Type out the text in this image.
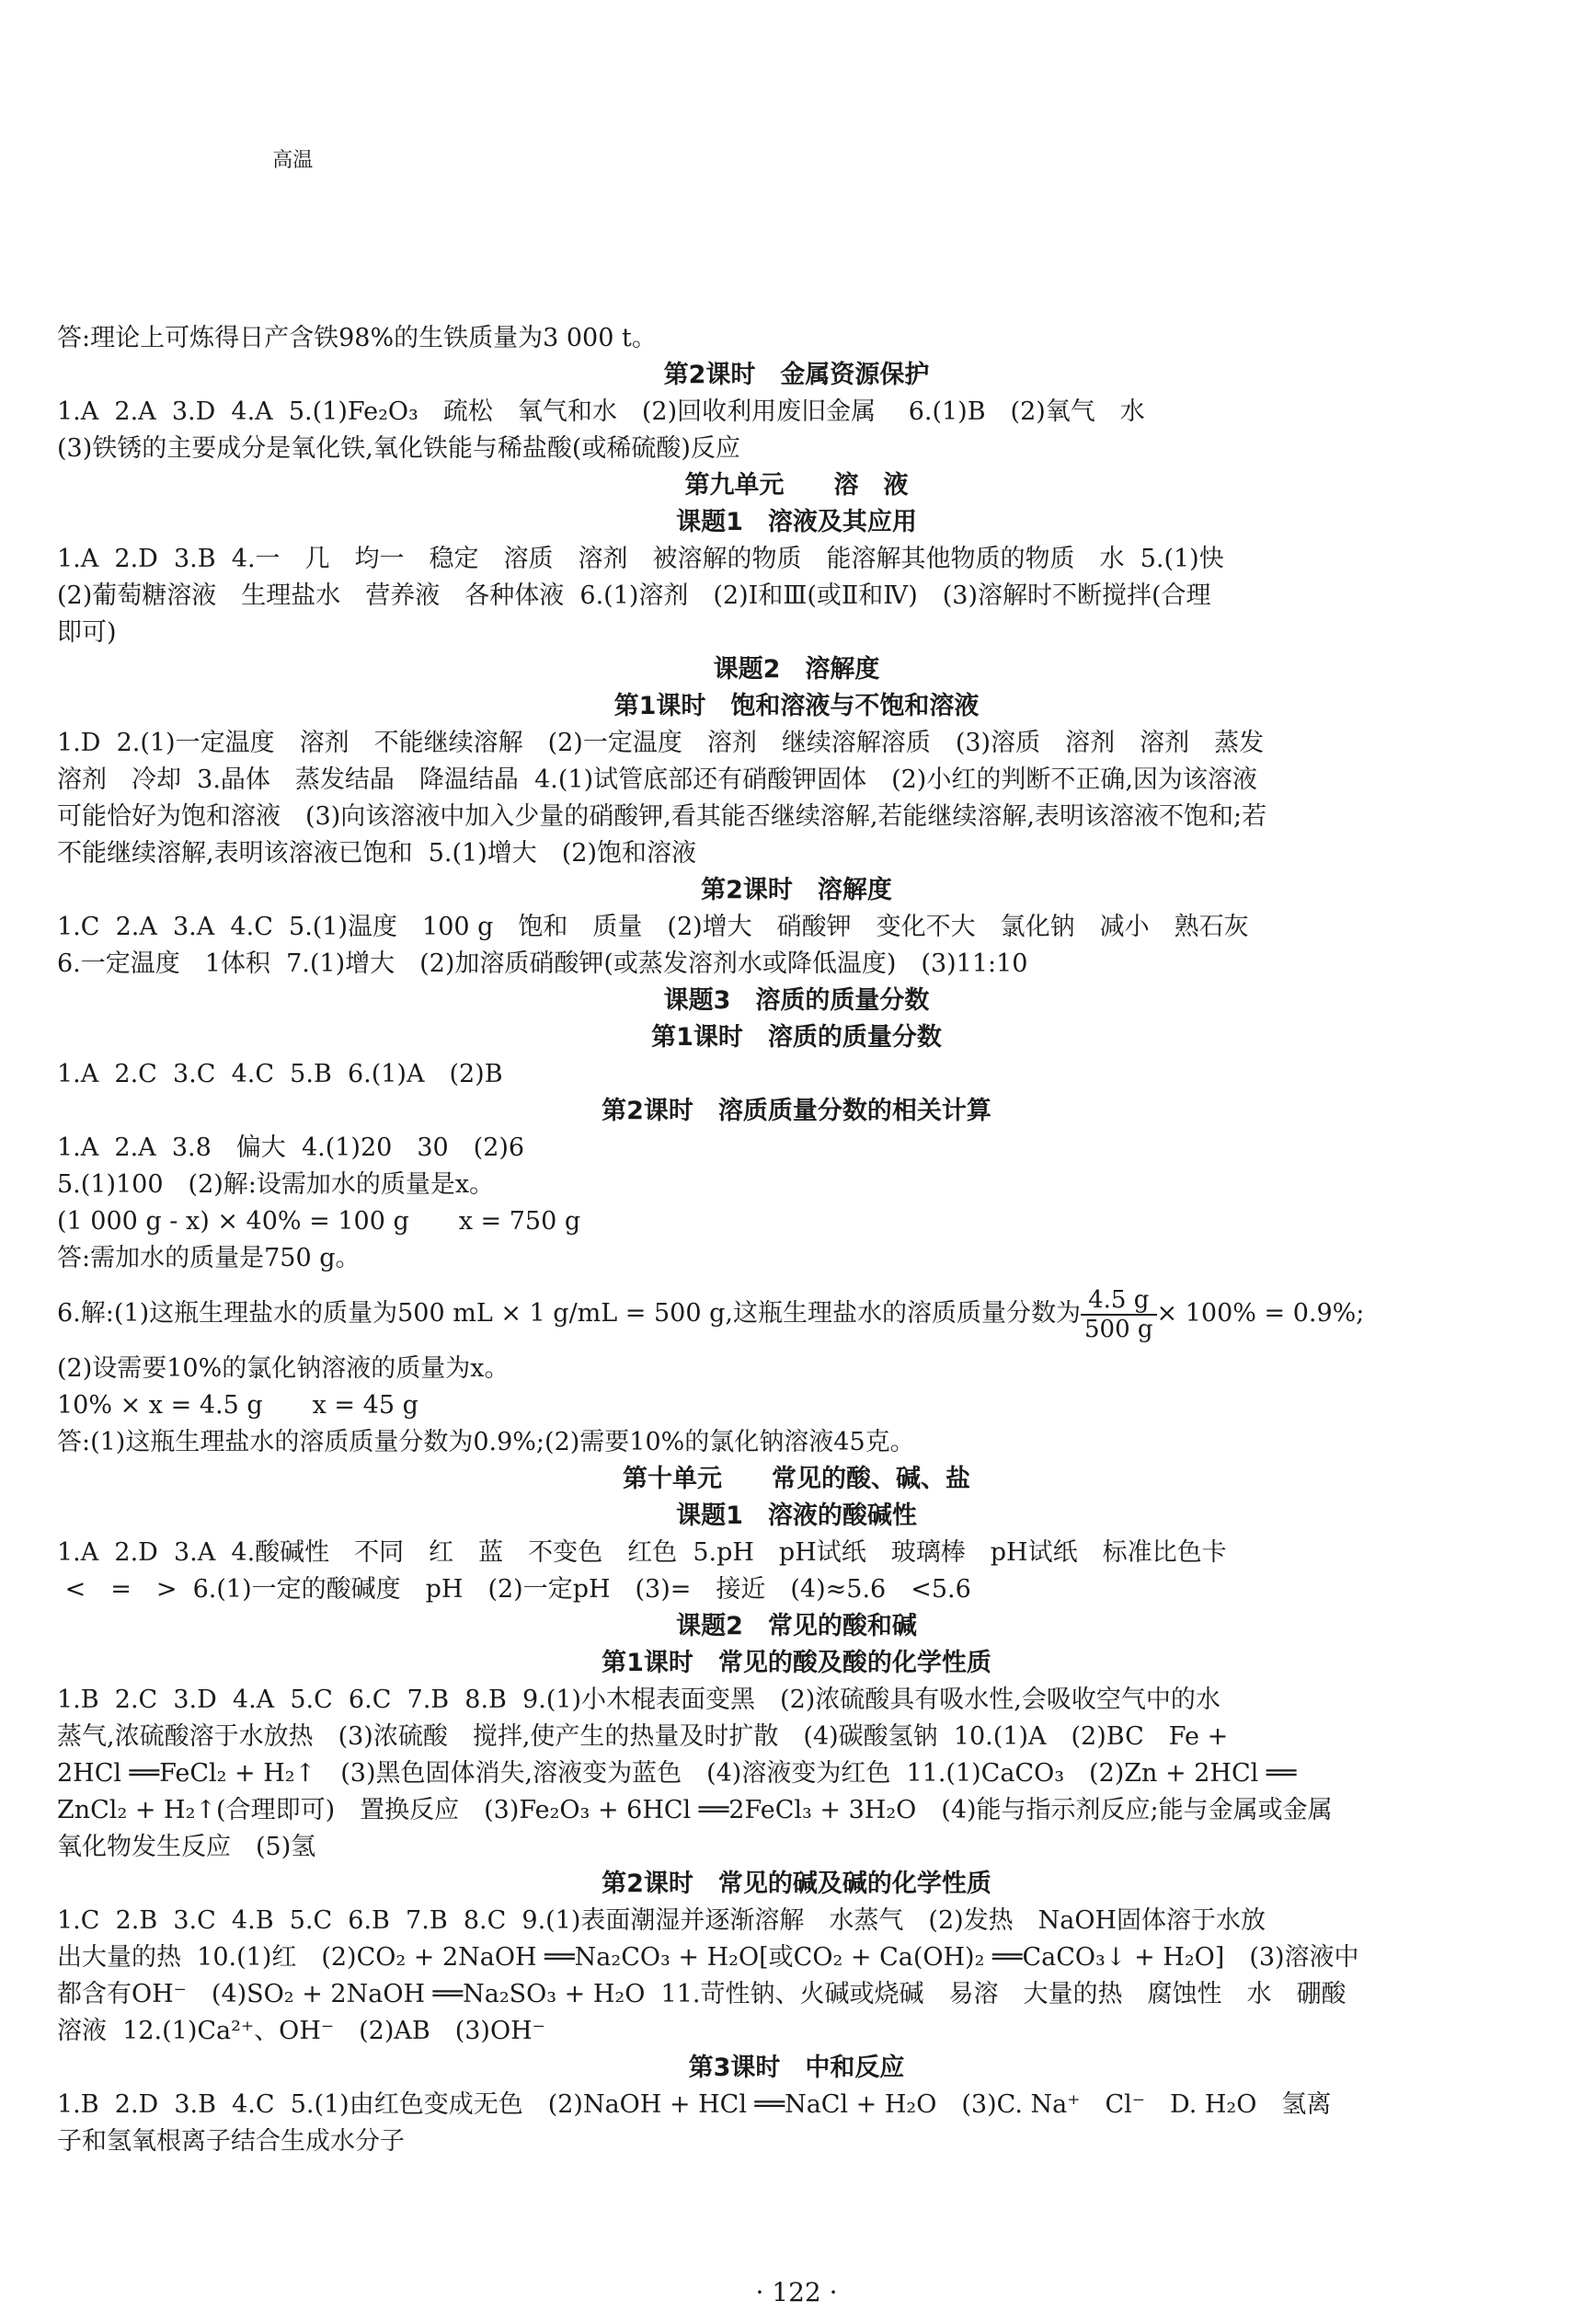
高温

答:理论上可炼得日产含铁98%的生铁质量为3 000 t。
第2课时　金属资源保护
1.A  2.A  3.D  4.A  5.(1)Fe₂O₃　疏松　氧气和水　(2)回收利用废旧金属　 6.(1)B　(2)氧气　水
(3)铁锈的主要成分是氧化铁,氧化铁能与稀盐酸(或稀硫酸)反应
第九单元　　溶　液
课题1　溶液及其应用
1.A  2.D  3.B  4.一　几　均一　稳定　溶质　溶剂　被溶解的物质　能溶解其他物质的物质　水  5.(1)快
(2)葡萄糖溶液　生理盐水　营养液　各种体液  6.(1)溶剂　(2)Ⅰ和Ⅲ(或Ⅱ和Ⅳ)　(3)溶解时不断搅拌(合理
即可)
课题2　溶解度
第1课时　饱和溶液与不饱和溶液
1.D  2.(1)一定温度　溶剂　不能继续溶解　(2)一定温度　溶剂　继续溶解溶质　(3)溶质　溶剂　溶剂　蒸发
溶剂　冷却  3.晶体　蒸发结晶　降温结晶  4.(1)试管底部还有硝酸钾固体　(2)小红的判断不正确,因为该溶液
可能恰好为饱和溶液　(3)向该溶液中加入少量的硝酸钾,看其能否继续溶解,若能继续溶解,表明该溶液不饱和;若
不能继续溶解,表明该溶液已饱和  5.(1)增大　(2)饱和溶液
第2课时　溶解度
1.C  2.A  3.A  4.C  5.(1)温度　100 g　饱和　质量　(2)增大　硝酸钾　变化不大　氯化钠　减小　熟石灰
6.一定温度　1体积  7.(1)增大　(2)加溶质硝酸钾(或蒸发溶剂水或降低温度)　(3)11:10
课题3　溶质的质量分数
第1课时　溶质的质量分数
1.A  2.C  3.C  4.C  5.B  6.(1)A　(2)B
第2课时　溶质质量分数的相关计算
1.A  2.A  3.8　偏大  4.(1)20　30　(2)6
5.(1)100　(2)解:设需加水的质量是x。
(1 000 g - x) × 40% = 100 g　　x = 750 g
答:需加水的质量是750 g。
6.解:(1)这瓶生理盐水的质量为500 mL × 1 g/mL = 500 g,这瓶生理盐水的溶质质量分数为 $\frac{4.5 g}{500 g} \times 100\% = 0.9\%$;
(2)设需要10%的氯化钠溶液的质量为x。
10% × x = 4.5 g　　x = 45 g
答:(1)这瓶生理盐水的溶质质量分数为0.9%;(2)需要10%的氯化钠溶液45克。
第十单元　　常见的酸、碱、盐
课题1　溶液的酸碱性
1.A  2.D  3.A  4.酸碱性　不同　红　蓝　不变色　红色  5.pH　pH试纸　玻璃棒　pH试纸　标准比色卡
<　=　>  6.(1)一定的酸碱度　pH　(2)一定pH　(3)=　接近　(4)≈5.6　<5.6
课题2　常见的酸和碱
第1课时　常见的酸及酸的化学性质
1.B  2.C  3.D  4.A  5.C  6.C  7.B  8.B  9.(1)小木棍表面变黑　(2)浓硫酸具有吸水性,会吸收空气中的水
蒸气,浓硫酸溶于水放热　(3)浓硫酸　搅拌,使产生的热量及时扩散　(4)碳酸氢钠  10.(1)A　(2)BC　Fe +
2HCl ══FeCl₂ + H₂↑　(3)黑色固体消失,溶液变为蓝色　(4)溶液变为红色  11.(1)CaCO₃　(2)Zn + 2HCl ══
ZnCl₂ + H₂↑(合理即可)　置换反应　(3)Fe₂O₃ + 6HCl ══2FeCl₃ + 3H₂O　(4)能与指示剂反应;能与金属或金属
氧化物发生反应　(5)氢
第2课时　常见的碱及碱的化学性质
1.C  2.B  3.C  4.B  5.C  6.B  7.B  8.C  9.(1)表面潮湿并逐渐溶解　水蒸气　(2)发热　NaOH固体溶于水放
出大量的热  10.(1)红　(2)CO₂ + 2NaOH ══Na₂CO₃ + H₂O[或CO₂ + Ca(OH)₂ ══CaCO₃↓ + H₂O]　(3)溶液中
都含有OH⁻　(4)SO₂ + 2NaOH ══Na₂SO₃ + H₂O  11.苛性钠、火碱或烧碱　易溶　大量的热　腐蚀性　水　硼酸
溶液  12.(1)Ca²⁺、OH⁻　(2)AB　(3)OH⁻
第3课时　中和反应
1.B  2.D  3.B  4.C  5.(1)由红色变成无色　(2)NaOH + HCl ══NaCl + H₂O　(3)C. Na⁺　Cl⁻　D. H₂O　氢离
子和氢氧根离子结合生成水分子
· 122 ·
